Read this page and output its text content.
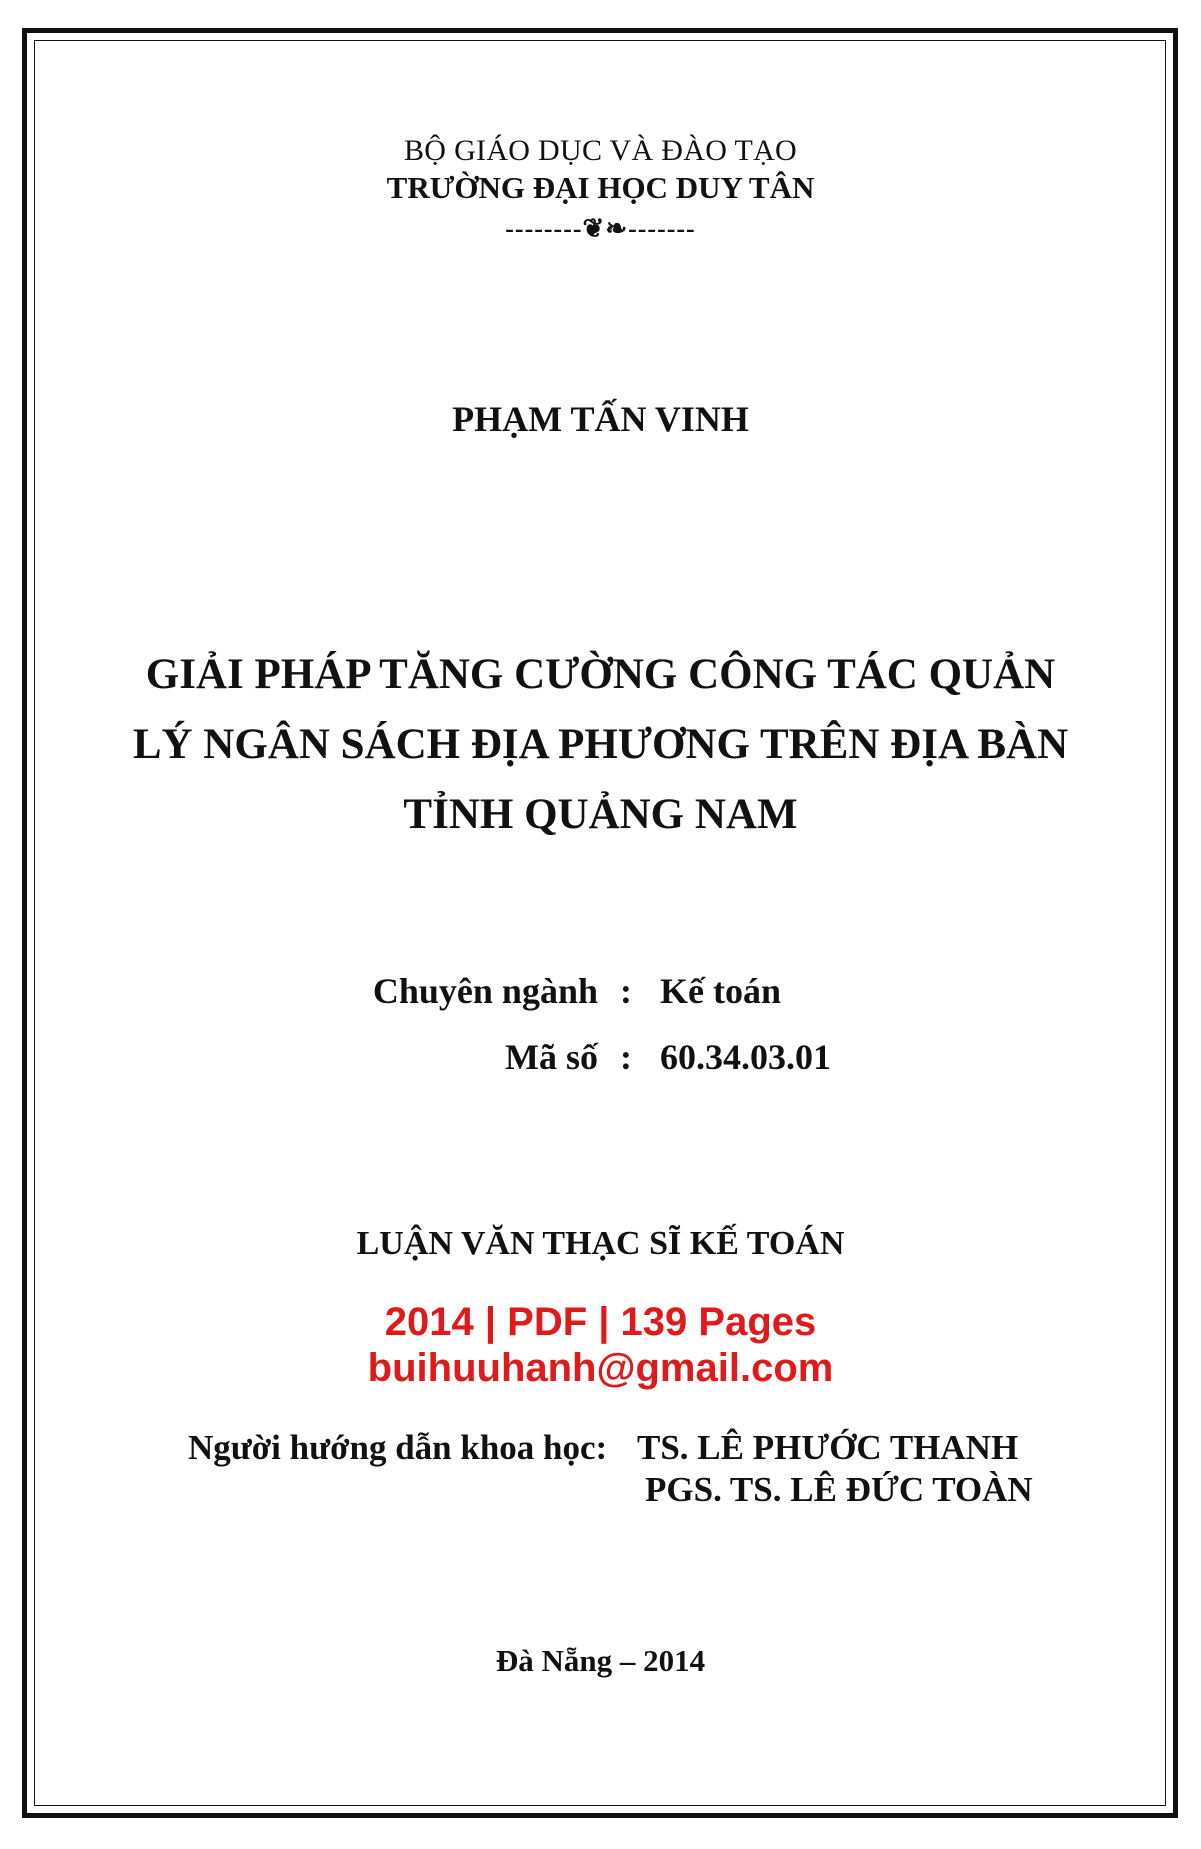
BỘ GIÁO DỤC VÀ ĐÀO TẠO
TRƯỜNG ĐẠI HỌC DUY TÂN
--------❦❧-------
PHẠM TẤN VINH
GIẢI PHÁP TĂNG CƯỜNG CÔNG TÁC QUẢN
LÝ NGÂN SÁCH ĐỊA PHƯƠNG TRÊN ĐỊA BÀN
TỈNH QUẢNG NAM
Chuyên ngành : Kế toán
Mã số : 60.34.03.01
LUẬN VĂN THẠC SĨ KẾ TOÁN
2014 | PDF | 139 Pages
buihuuhanh@gmail.com
Người hướng dẫn khoa học: TS. LÊ PHƯỚC THANH
PGS. TS. LÊ ĐỨC TOÀN
Đà Nẵng – 2014
